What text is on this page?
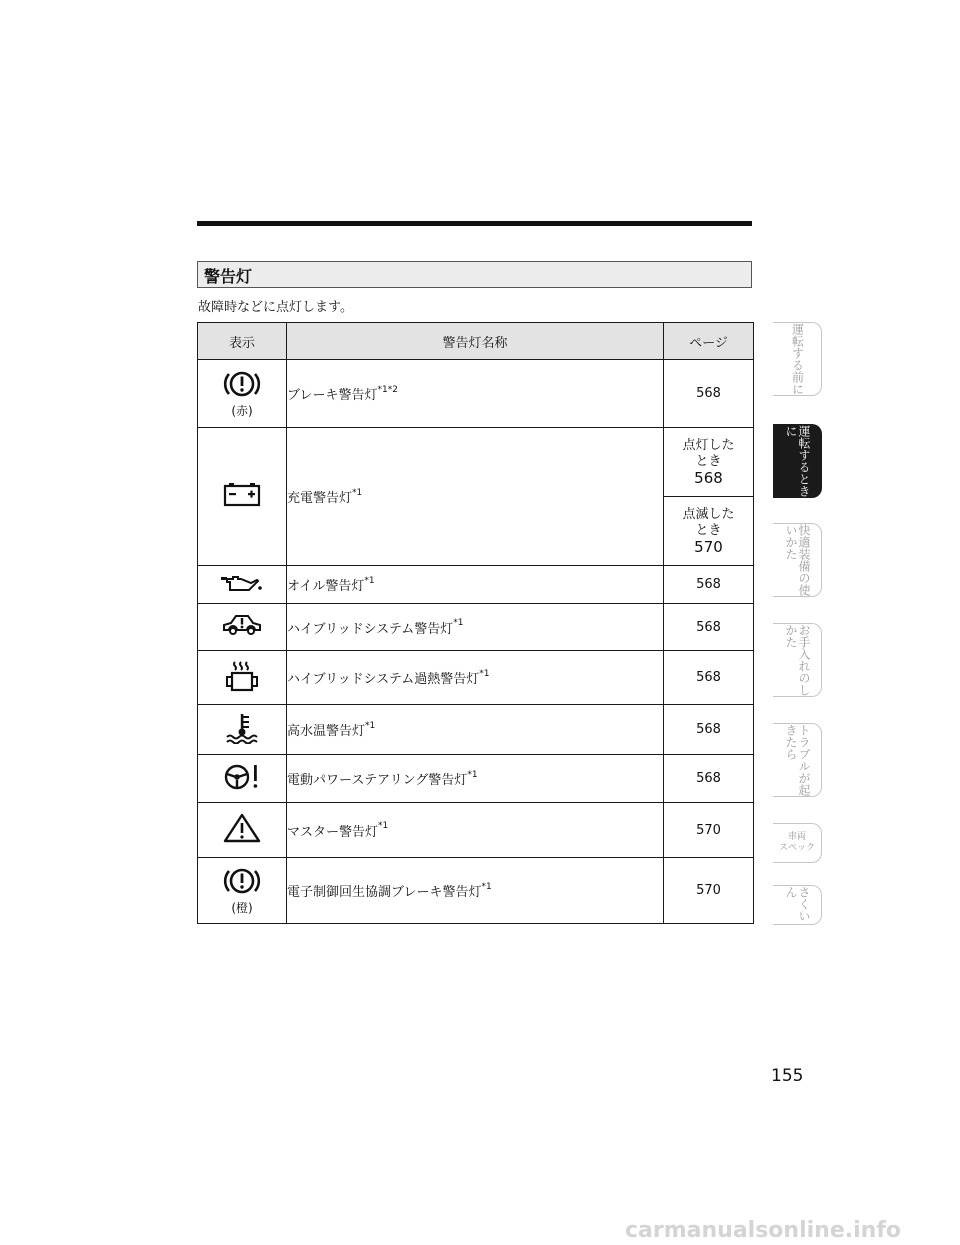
警告灯
故障時などに点灯します。
表示	警告灯名称	ページ

(赤)	ブレーキ警告灯$^{*1*2}$	568
	充電警告灯$^{*1}$	点灯した
とき
568

		点滅した
とき
570

	オイル警告灯$^{*1}$	568
	ハイブリッドシステム警告灯$^{*1}$	568
	ハイブリッドシステム過熱警告灯$^{*1}$	568
	高水温警告灯$^{*1}$	568
	電動パワーステアリング警告灯$^{*1}$	568
	マスター警告灯$^{*1}$	570

(橙)	電子制御回生協調ブレーキ警告灯$^{*1}$	570
運転する前に
運転するときに
快適装備の使いかた
お手入れのしかた
トラブルが起きたら
車両
スペック
さくいん
155
carmanualsonline.info
